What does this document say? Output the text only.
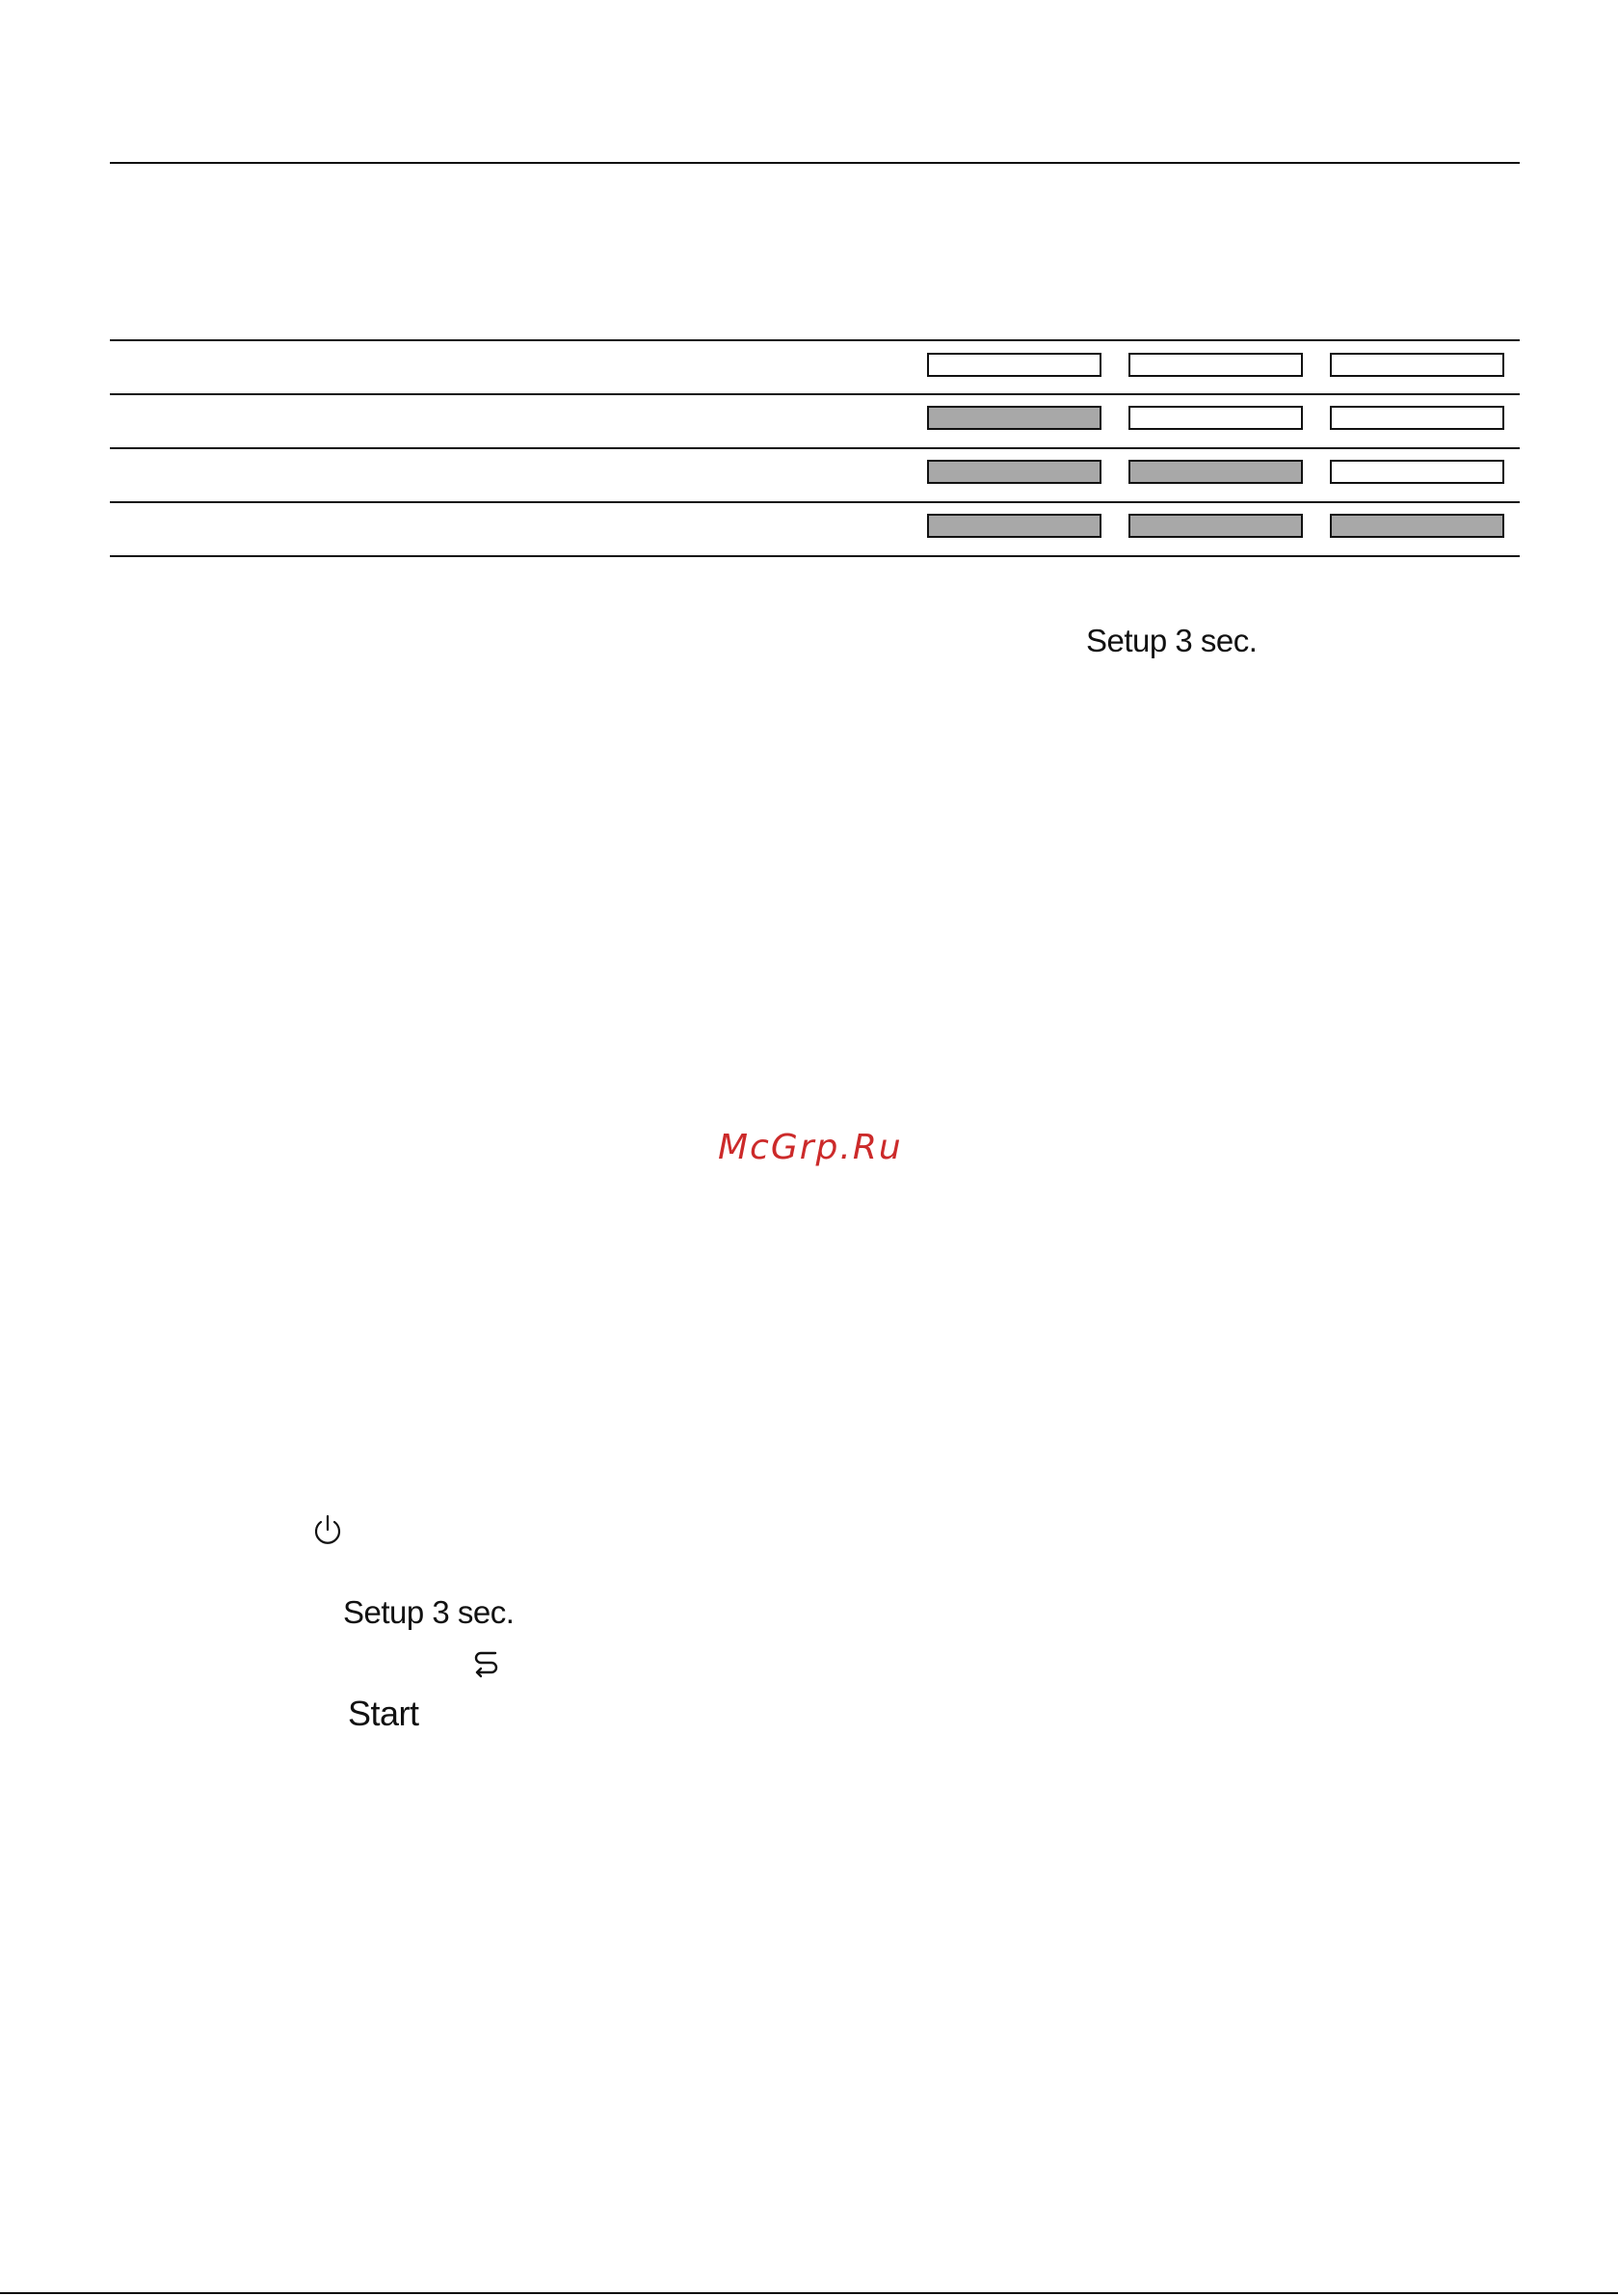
Setup 3 sec.
McGrp.Ru
Setup 3 sec.
Start
